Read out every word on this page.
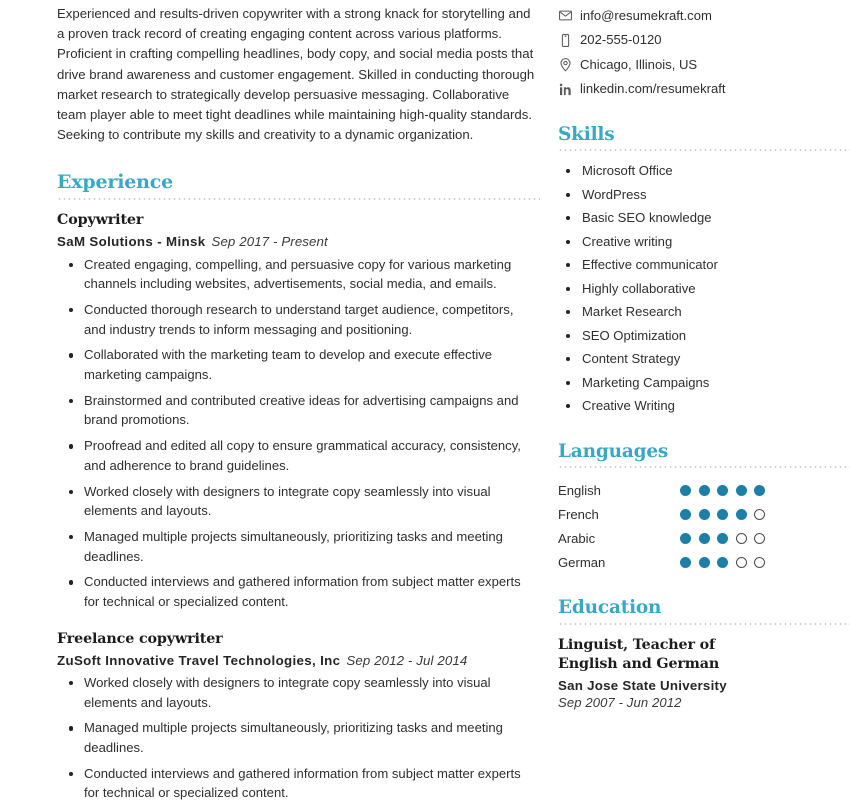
Experienced and results-driven copywriter with a strong knack for storytelling and a proven track record of creating engaging content across various platforms. Proficient in crafting compelling headlines, body copy, and social media posts that drive brand awareness and customer engagement. Skilled in conducting thorough market research to strategically develop persuasive messaging. Collaborative team player able to meet tight deadlines while maintaining high-quality standards. Seeking to contribute my skills and creativity to a dynamic organization.

Experience
Copywriter
SaM Solutions - Minsk Sep 2017 - Present
Created engaging, compelling, and persuasive copy for various marketing channels including websites, advertisements, social media, and emails.
Conducted thorough research to understand target audience, competitors, and industry trends to inform messaging and positioning.
Collaborated with the marketing team to develop and execute effective marketing campaigns.
Brainstormed and contributed creative ideas for advertising campaigns and brand promotions.
Proofread and edited all copy to ensure grammatical accuracy, consistency, and adherence to brand guidelines.
Worked closely with designers to integrate copy seamlessly into visual elements and layouts.
Managed multiple projects simultaneously, prioritizing tasks and meeting deadlines.
Conducted interviews and gathered information from subject matter experts for technical or specialized content.
Freelance copywriter
ZuSoft Innovative Travel Technologies, Inc Sep 2012 - Jul 2014
Worked closely with designers to integrate copy seamlessly into visual elements and layouts.
Managed multiple projects simultaneously, prioritizing tasks and meeting deadlines.
Conducted interviews and gathered information from subject matter experts for technical or specialized content.
info@resumekraft.com
202-555-0120
Chicago, Illinois, US
linkedin.com/resumekraft
Skills
Microsoft Office
WordPress
Basic SEO knowledge
Creative writing
Effective communicator
Highly collaborative
Market Research
SEO Optimization
Content Strategy
Marketing Campaigns
Creative Writing
Languages
English
French
Arabic
German
Education
Linguist, Teacher of English and German
San Jose State University
Sep 2007 - Jun 2012
